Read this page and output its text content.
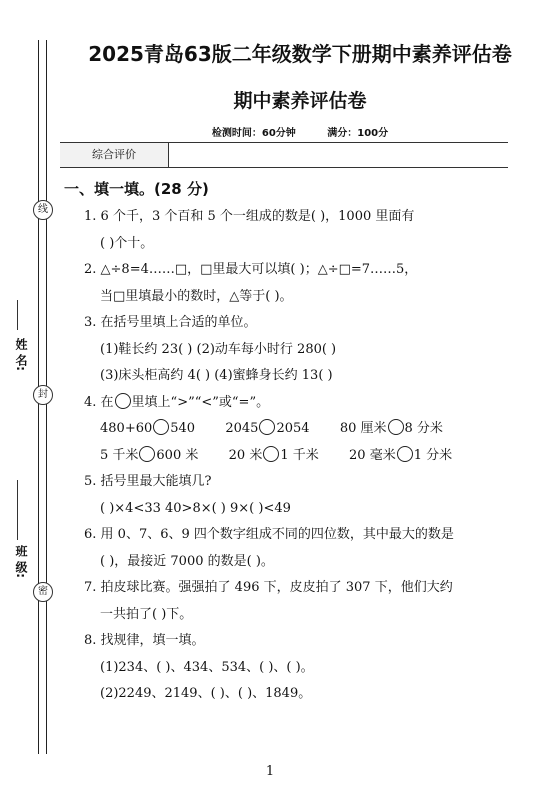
线
封
密
姓 名:
班 级:
2025青岛63版二年级数学下册期中素养评估卷
期中素养评估卷
检测时间：60分钟	满分：100分
综合评价
一、填一填。(28 分)
1. 6 个千，3 个百和 5 个一组成的数是( )，1000 里面有
( )个十。
2. △÷8=4……□，□里最大可以填( )；△÷□=7……5，
当□里填最小的数时，△等于( )。
3. 在括号里填上合适的单位。
(1)鞋长约 23( ) (2)动车每小时行 280( )
(3)床头柜高约 4( ) (4)蜜蜂身长约 13( )
4. 在 里填上“>”“<”或“=”。
480+60 540 2045 2054 80 厘米 8 分米
5 千米 600 米 20 米 1 千米 20 毫米 1 分米
5. 括号里最大能填几?
( )×4<33 40>8×( ) 9×( )<49
6. 用 0、7、6、9 四个数字组成不同的四位数，其中最大的数是
( )，最接近 7000 的数是( )。
7. 拍皮球比赛。强强拍了 496 下，皮皮拍了 307 下，他们大约
一共拍了( )下。
8. 找规律，填一填。
(1)234、( )、434、534、( )、( )。
(2)2249、2149、( )、( )、1849。
1
